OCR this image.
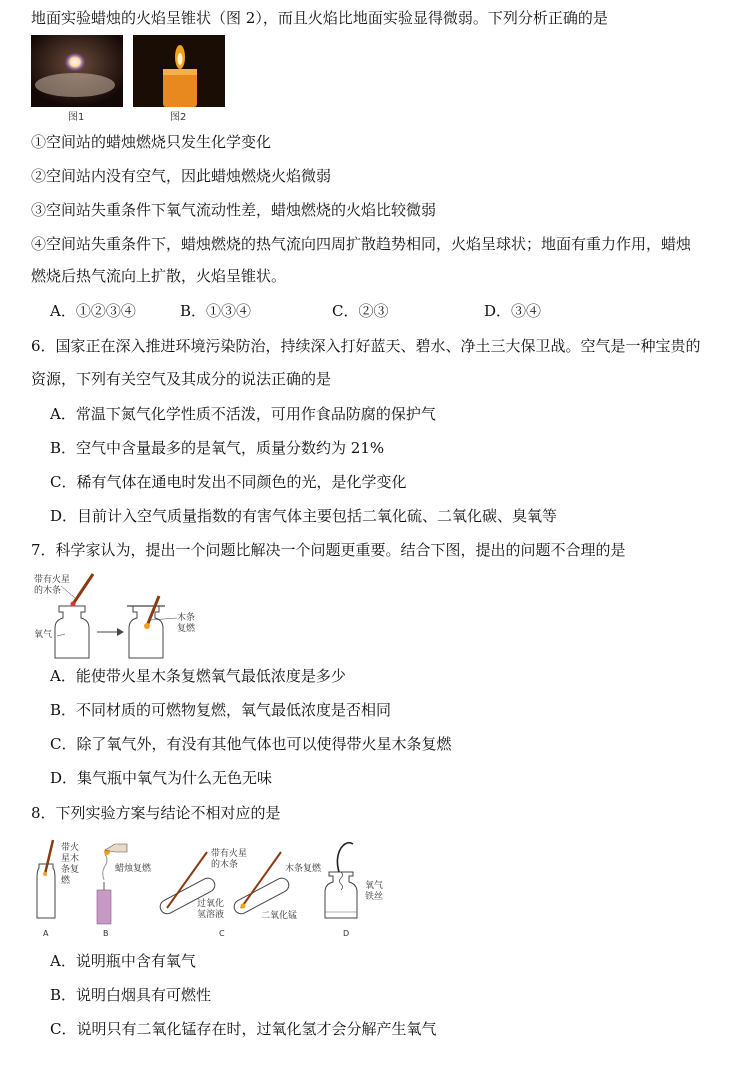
地面实验蜡烛的火焰呈锥状（图 2），而且火焰比地面实验显得微弱。下列分析正确的是
图1	图2
①空间站的蜡烛燃烧只发生化学变化
②空间站内没有空气，因此蜡烛燃烧火焰微弱
③空间站失重条件下氧气流动性差，蜡烛燃烧的火焰比较微弱
④空间站失重条件下，蜡烛燃烧的热气流向四周扩散趋势相同，火焰呈球状；地面有重力作用，蜡烛
燃烧后热气流向上扩散，火焰呈锥状。
A．①②③④	B．①③④	C．②③	D．③④
6．国家正在深入推进环境污染防治，持续深入打好蓝天、碧水、净土三大保卫战。空气是一种宝贵的
资源，下列有关空气及其成分的说法正确的是
A．常温下氮气化学性质不活泼，可用作食品防腐的保护气
B．空气中含量最多的是氧气，质量分数约为 21%
C．稀有气体在通电时发出不同颜色的光，是化学变化
D．目前计入空气质量指数的有害气体主要包括二氧化硫、二氧化碳、臭氧等
7．科学家认为，提出一个问题比解决一个问题更重要。结合下图，提出的问题不合理的是
带有火星
的木条
氧气
木条
复燃
A．能使带火星木条复燃氧气最低浓度是多少
B．不同材质的可燃物复燃，氧气最低浓度是否相同
C．除了氧气外，有没有其他气体也可以使得带火星木条复燃
D．集气瓶中氧气为什么无色无味
8．下列实验方案与结论不相对应的是
带火
星木
条复
燃
A
蜡烛复燃
B
带有火星
的木条	木条复燃
过氧化
氢溶液	二氧化锰
C
氧气
铁丝
D
A．说明瓶中含有氧气
B．说明白烟具有可燃性
C．说明只有二氧化锰存在时，过氧化氢才会分解产生氧气
